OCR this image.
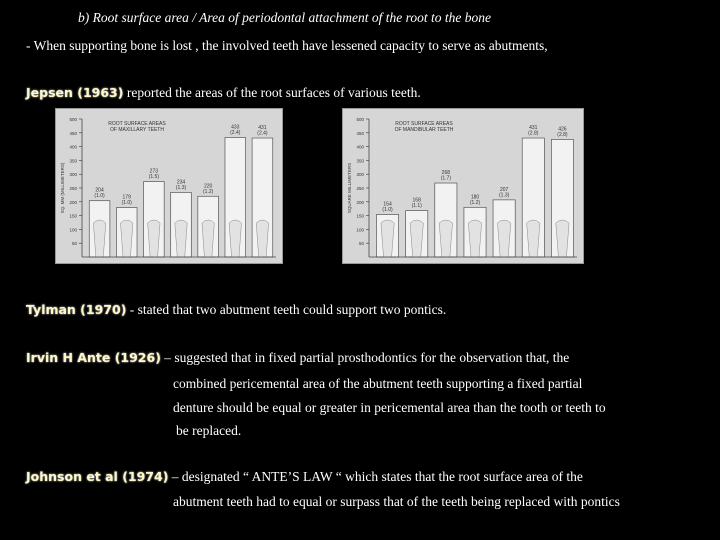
b) Root surface area / Area of periodontal attachment of the root to the bone
- When supporting bone is lost , the involved teeth have lessened capacity to serve as abutments,
Jepsen (1963) reported the areas of the root surfaces of various teeth.
50
100
150
200
250
300
350
400
450
500
SQ. MM (MILLIMETERS)
ROOT SURFACE AREAS OF MAXILLARY TEETH
204 (1.0)	179 (1.0)
273 (1.5)
234 (1.3)	220 (1.2)
433 (2.4)
431 (2.4)
50
100
150
200
250
300
350
400
450
500
SQUARE MILLIMETERS
ROOT SURFACE AREAS OF MANDIBULAR TEETH
154 (1.0)
168 (1.1)
268 (1.7)
180 (1.2)
207 (1.3)
431 (2.8)
426 (2.8)
Tylman (1970) - stated that two abutment teeth could support two pontics.
Irvin H Ante (1926) – suggested that in fixed partial prosthodontics for the observation that, the
combined pericemental area of the abutment teeth supporting a fixed partial
denture should be equal or greater in pericemental area than the tooth or teeth to
be replaced.
Johnson et al (1974) – designated “ ANTE’S LAW “ which states that the root surface area of the
abutment teeth had to equal or surpass that of the teeth being replaced with pontics
